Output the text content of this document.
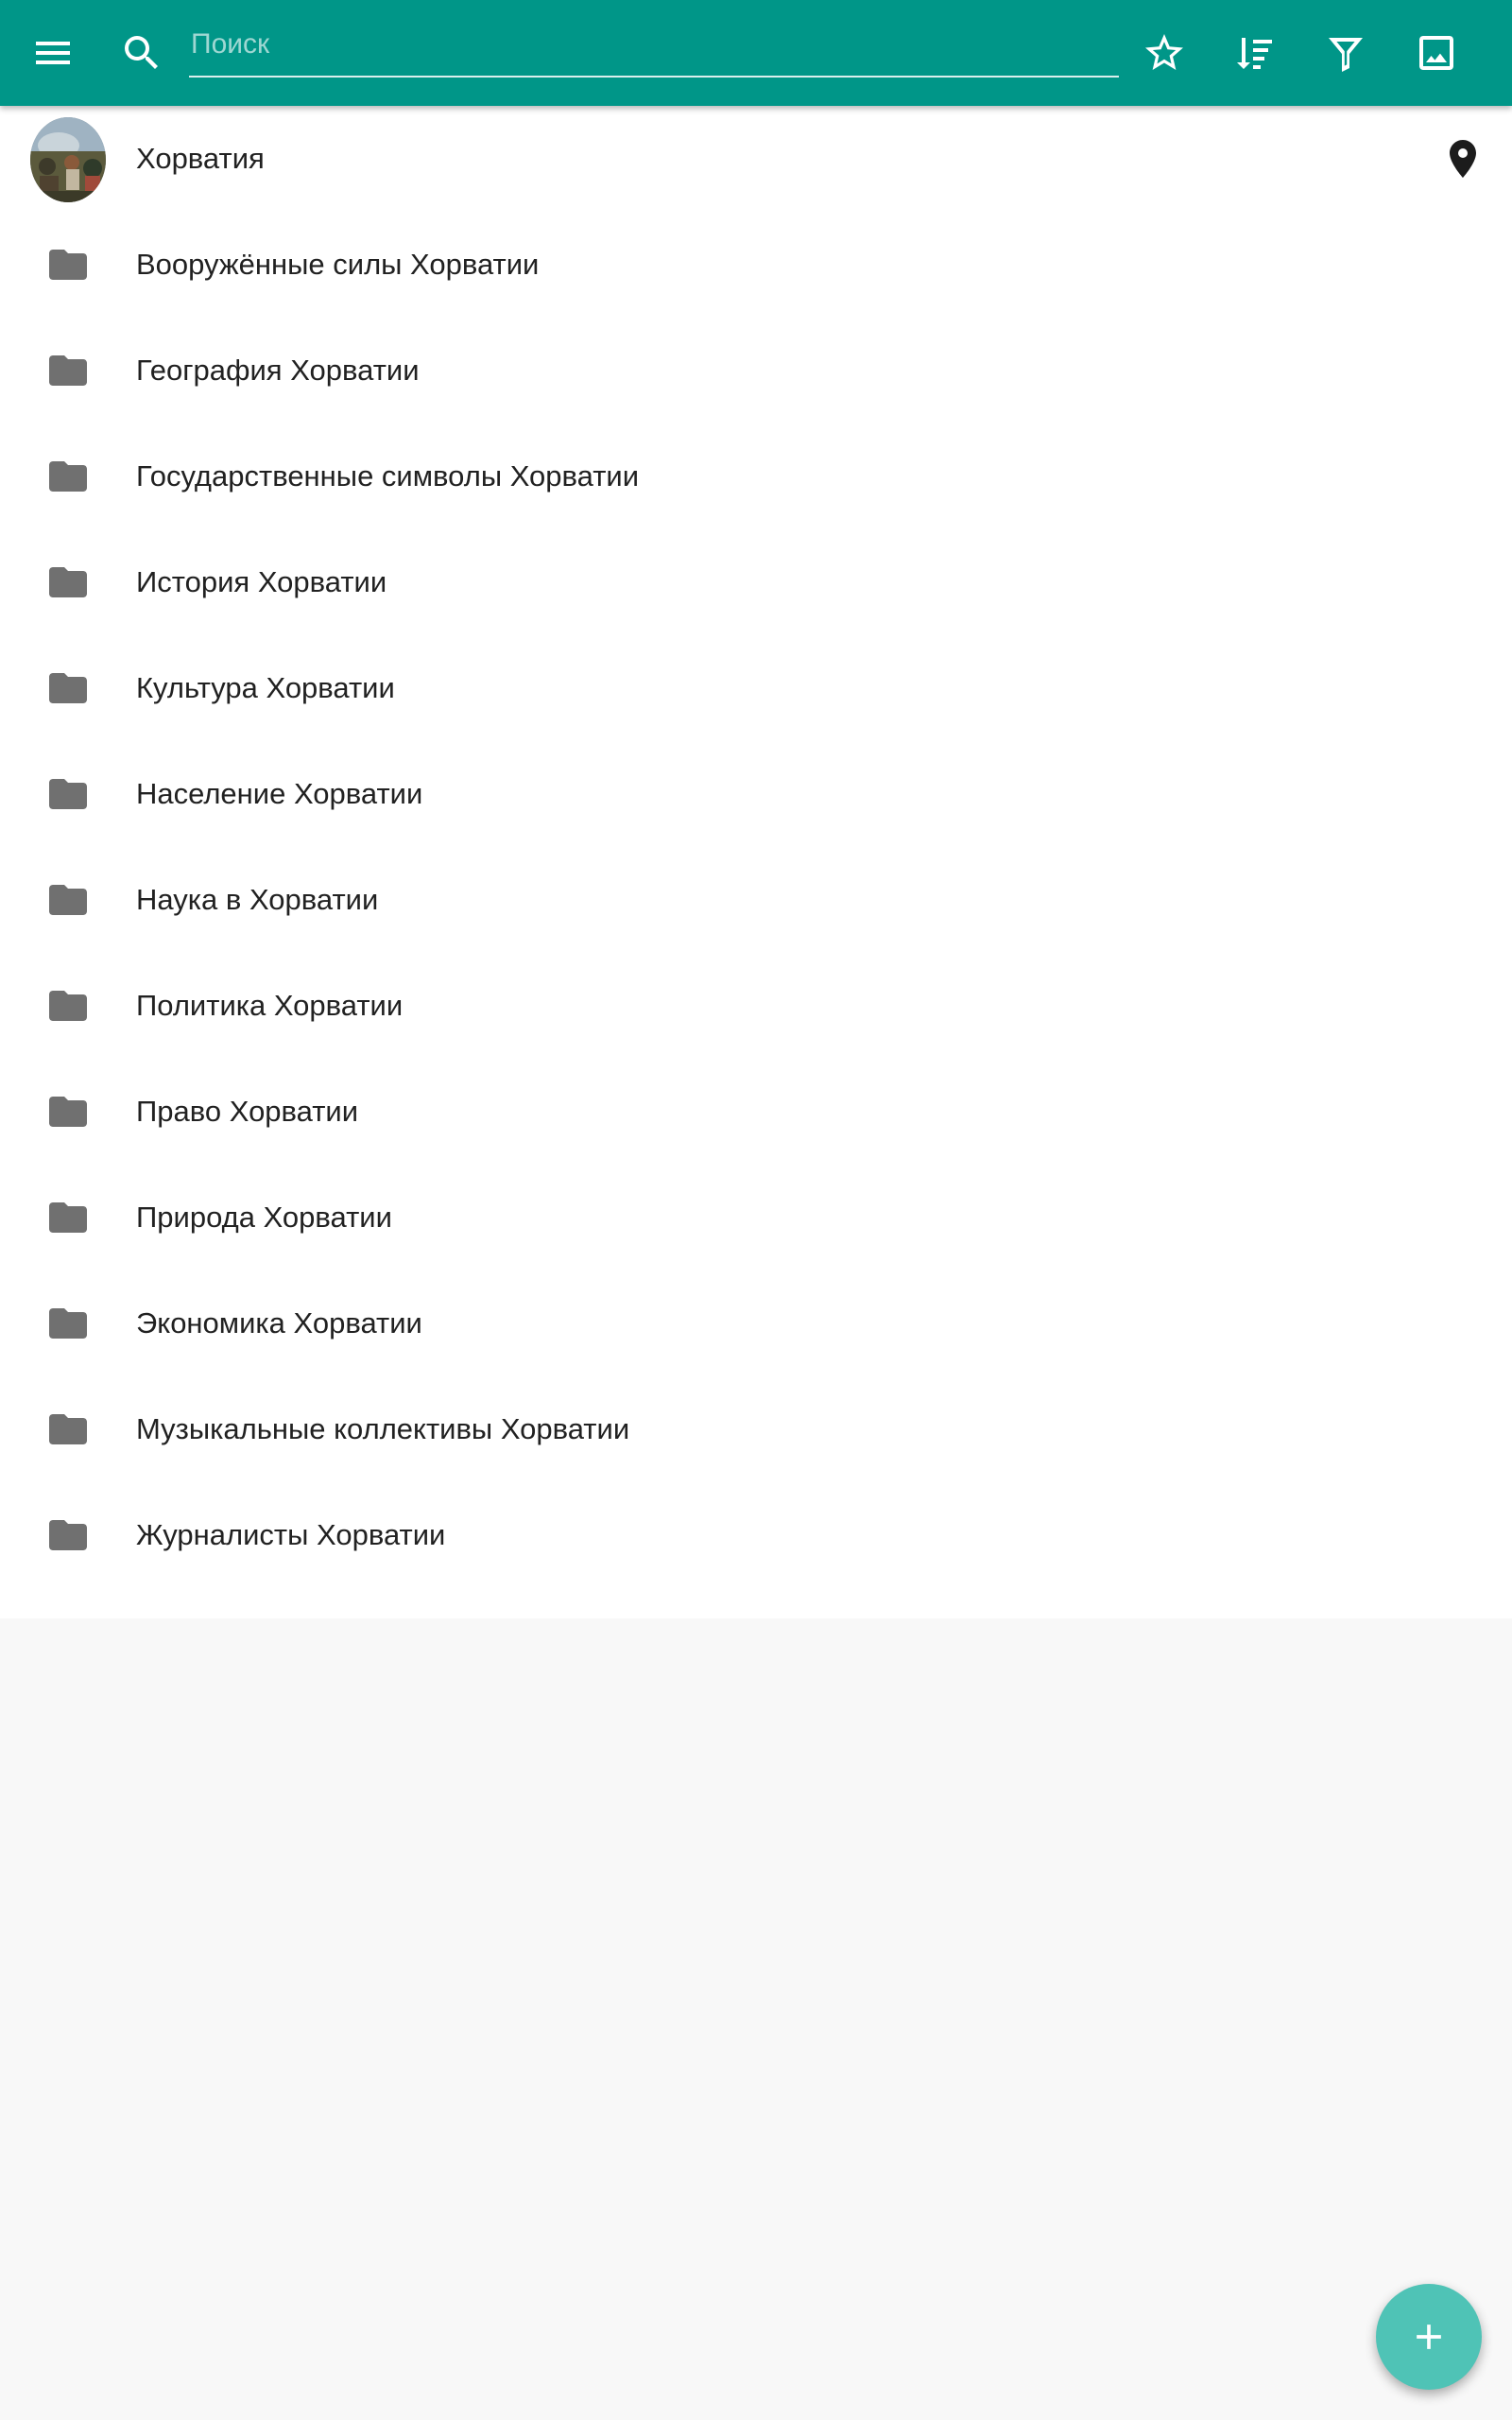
Поиск
Хорватия
Вооружённые силы Хорватии
География Хорватии
Государственные символы Хорватии
История Хорватии
Культура Хорватии
Население Хорватии
Наука в Хорватии
Политика Хорватии
Право Хорватии
Природа Хорватии
Экономика Хорватии
Музыкальные коллективы Хорватии
Журналисты Хорватии
